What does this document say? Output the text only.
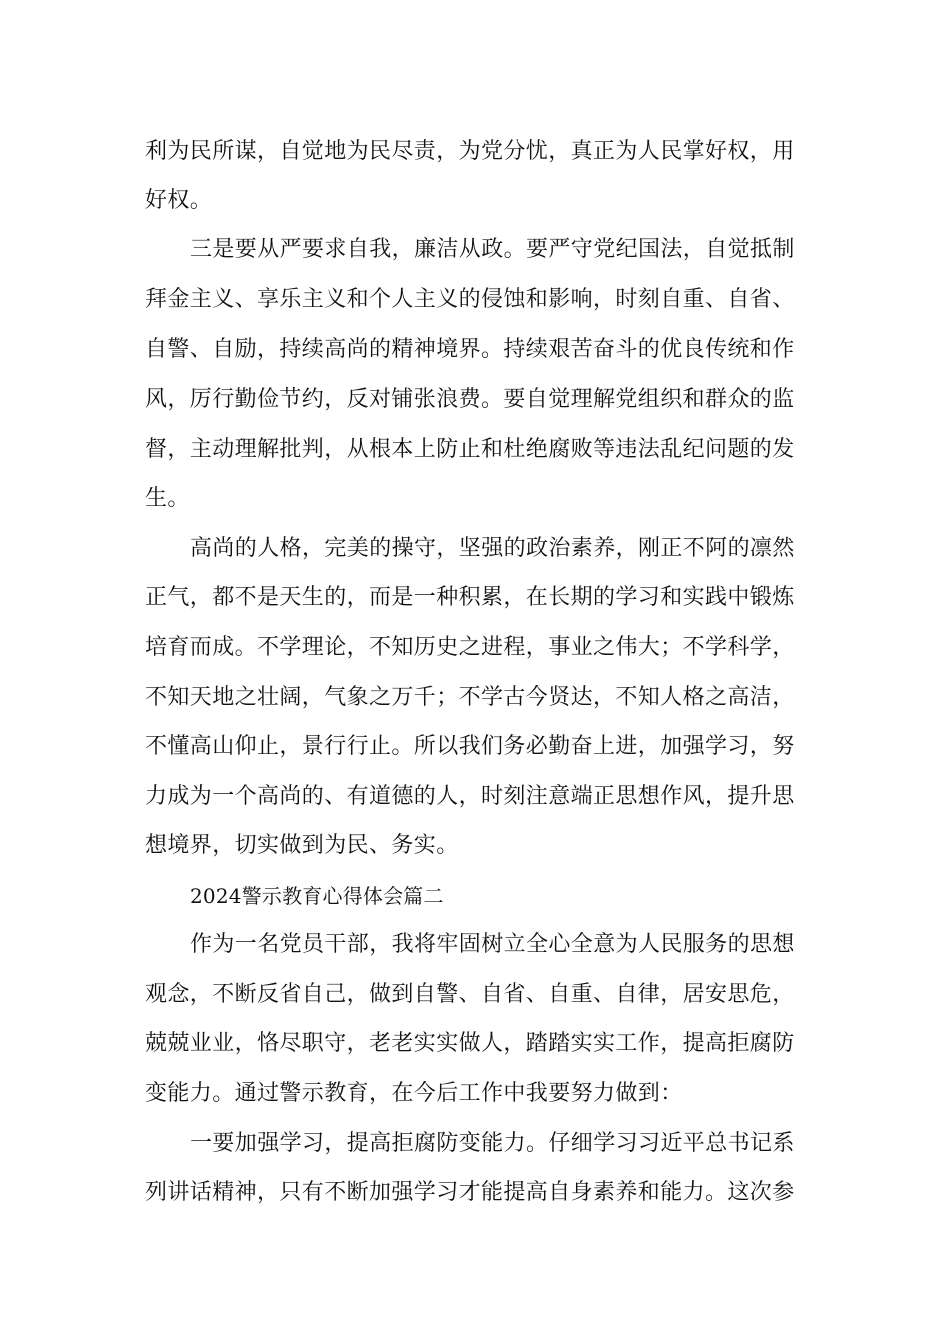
利为民所谋，自觉地为民尽责，为党分忧，真正为人民掌好权，用
好权。
三是要从严要求自我，廉洁从政。要严守党纪国法，自觉抵制
拜金主义、享乐主义和个人主义的侵蚀和影响，时刻自重、自省、
自警、自励，持续高尚的精神境界。持续艰苦奋斗的优良传统和作
风，厉行勤俭节约，反对铺张浪费。要自觉理解党组织和群众的监
督，主动理解批判，从根本上防止和杜绝腐败等违法乱纪问题的发
生。
高尚的人格，完美的操守，坚强的政治素养，刚正不阿的凛然
正气，都不是天生的，而是一种积累，在长期的学习和实践中锻炼
培育而成。不学理论，不知历史之进程，事业之伟大；不学科学，
不知天地之壮阔，气象之万千；不学古今贤达，不知人格之高洁，
不懂高山仰止，景行行止。所以我们务必勤奋上进，加强学习，努
力成为一个高尚的、有道德的人，时刻注意端正思想作风，提升思
想境界，切实做到为民、务实。
2024警示教育心得体会篇二
作为一名党员干部，我将牢固树立全心全意为人民服务的思想
观念，不断反省自己，做到自警、自省、自重、自律，居安思危，
兢兢业业，恪尽职守，老老实实做人，踏踏实实工作，提高拒腐防
变能力。通过警示教育，在今后工作中我要努力做到：
一要加强学习，提高拒腐防变能力。仔细学习习近平总书记系
列讲话精神，只有不断加强学习才能提高自身素养和能力。这次参
